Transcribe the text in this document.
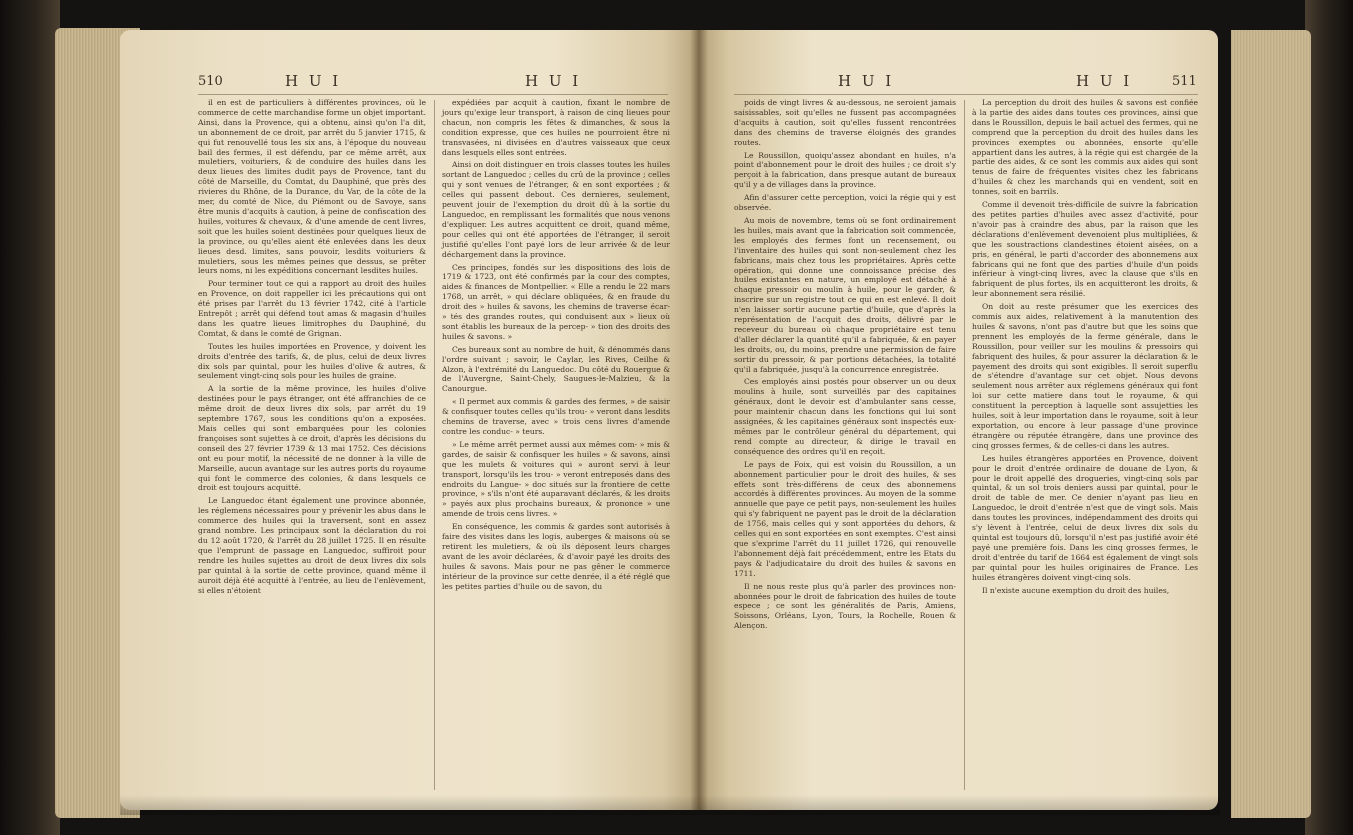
510	H U I	H U I

il en est de particuliers à différentes provinces, où le commerce de cette marchandise forme un objet important. Ainsi, dans la Provence, qui a obtenu, ainsi qu'on l'a dit, un abonnement de ce droit, par arrêt du 5 janvier 1715, & qui fut renouvellé tous les six ans, à l'époque du nouveau bail des fermes, il est défendu, par ce même arrêt, aux muletiers, voituriers, & de conduire des huiles dans les deux lieues des limites dudit pays de Provence, tant du côté de Marseille, du Comtat, du Dauphiné, que près des rivieres du Rhône, de la Durance, du Var, de la côte de la mer, du comté de Nice, du Piémont ou de Savoye, sans être munis d'acquits à caution, à peine de confiscation des huiles, voitures & chevaux, & d'une amende de cent livres, soit que les huiles soient destinées pour quelques lieux de la province, ou qu'elles aient été enlevées dans les deux lieues desd. limites, sans pouvoir, lesdits voituriers & muletiers, sous les mêmes peines que dessus, se prêter leurs noms, ni les expéditions concernant lesdites huiles.

Pour terminer tout ce qui a rapport au droit des huiles en Provence, on doit rappeller ici les précautions qui ont été prises par l'arrêt du 13 février 1742, cité à l'article Entrepôt ; arrêt qui défend tout amas & magasin d'huiles dans les quatre lieues limitrophes du Dauphiné, du Comtat, & dans le comté de Grignan.

Toutes les huiles importées en Provence, y doivent les droits d'entrée des tarifs, &, de plus, celui de deux livres dix sols par quintal, pour les huiles d'olive & autres, & seulement vingt-cinq sols pour les huiles de graine.

A la sortie de la même province, les huiles d'olive destinées pour le pays étranger, ont été affranchies de ce même droit de deux livres dix sols, par arrêt du 19 septembre 1767, sous les conditions qu'on a exposées. Mais celles qui sont embarquées pour les colonies françoises sont sujettes à ce droit, d'après les décisions du conseil des 27 février 1739 & 13 mai 1752. Ces décisions ont eu pour motif, la nécessité de ne donner à la ville de Marseille, aucun avantage sur les autres ports du royaume qui font le commerce des colonies, & dans lesquels ce droit est toujours acquitté.

Le Languedoc étant également une province abonnée, les réglemens nécessaires pour y prévenir les abus dans le commerce des huiles qui la traversent, sont en assez grand nombre. Les principaux sont la déclaration du roi du 12 août 1720, & l'arrêt du 28 juillet 1725. Il en résulte que l'emprunt de passage en Languedoc, suffiroit pour rendre les huiles sujettes au droit de deux livres dix sols par quintal à la sortie de cette province, quand même il auroit déjà été acquitté à l'entrée, au lieu de l'enlèvement, si elles n'étoient

expédiées par acquit à caution, fixant le nombre de jours qu'exige leur transport, à raison de cinq lieues pour chacun, non compris les fêtes & dimanches, & sous la condition expresse, que ces huiles ne pourroient être ni transvasées, ni divisées en d'autres vaisseaux que ceux dans lesquels elles sont entrées.

Ainsi on doit distinguer en trois classes toutes les huiles sortant de Languedoc ; celles du crû de la province ; celles qui y sont venues de l'étranger, & en sont exportées ; & celles qui passent debout. Ces dernieres, seulement, peuvent jouir de l'exemption du droit dû à la sortie du Languedoc, en remplissant les formalités que nous venons d'expliquer. Les autres acquittent ce droit, quand même, pour celles qui ont été apportées de l'étranger, il seroit justifié qu'elles l'ont payé lors de leur arrivée & de leur déchargement dans la province.

Ces principes, fondés sur les dispositions des lois de 1719 & 1723, ont été confirmés par la cour des comptes, aides & finances de Montpellier. « Elle a rendu le 22 mars 1768, un arrêt, » qui déclare obliquées, & en fraude du droit des » huiles & savons, les chemins de traverse écar- » tés des grandes routes, qui conduisent aux » lieux où sont établis les bureaux de la percep- » tion des droits des huiles & savons. »

Ces bureaux sont au nombre de huit, & dénommés dans l'ordre suivant ; savoir, le Caylar, les Rives, Ceilhe & Alzon, à l'extrémité du Languedoc. Du côté du Rouergue & de l'Auvergne, Saint-Chely, Saugues-le-Malzieu, & la Canourgue.

« Il permet aux commis & gardes des fermes, » de saisir & confisquer toutes celles qu'ils trou- » veront dans lesdits chemins de traverse, avec » trois cens livres d'amende contre les conduc- » teurs.

» Le même arrêt permet aussi aux mêmes com- » mis & gardes, de saisir & confisquer les huiles » & savons, ainsi que les mulets & voitures qui » auront servi à leur transport, lorsqu'ils les trou- » veront entreposés dans des endroits du Langue- » doc situés sur la frontiere de cette province, » s'ils n'ont été auparavant déclarés, & les droits » payés aux plus prochains bureaux, & prononce » une amende de trois cens livres. »

En conséquence, les commis & gardes sont autorisés à faire des visites dans les logis, auberges & maisons où se retirent les muletiers, & où ils déposent leurs charges avant de les avoir déclarées, & d'avoir payé les droits des huiles & savons. Mais pour ne pas gêner le commerce intérieur de la province sur cette denrée, il a été réglé que les petites parties d'huile ou de savon, du

H U I	H U I	511

poids de vingt livres & au-dessous, ne seroient jamais saisissables, soit qu'elles ne fussent pas accompagnées d'acquits à caution, soit qu'elles fussent rencontrées dans des chemins de traverse éloignés des grandes routes.

Le Roussillon, quoiqu'assez abondant en huiles, n'a point d'abonnement pour le droit des huiles ; ce droit s'y perçoit à la fabrication, dans presque autant de bureaux qu'il y a de villages dans la province.

Afin d'assurer cette perception, voici la régie qui y est observée.

Au mois de novembre, tems où se font ordinairement les huiles, mais avant que la fabrication soit commencée, les employés des fermes font un recensement, ou l'inventaire des huiles qui sont non-seulement chez les fabricans, mais chez tous les propriétaires. Après cette opération, qui donne une connoissance précise des huiles existantes en nature, un employé est détaché à chaque pressoir ou moulin à huile, pour le garder, & inscrire sur un registre tout ce qui en est enlevé. Il doit n'en laisser sortir aucune partie d'huile, que d'après la représentation de l'acquit des droits, délivré par le receveur du bureau où chaque propriétaire est tenu d'aller déclarer la quantité qu'il a fabriquée, & en payer les droits, ou, du moins, prendre une permission de faire sortir du pressoir, & par portions détachées, la totalité qu'il a fabriquée, jusqu'à la concurrence enregistrée.

Ces employés ainsi postés pour observer un ou deux moulins à huile, sont surveillés par des capitaines généraux, dont le devoir est d'ambulanter sans cesse, pour maintenir chacun dans les fonctions qui lui sont assignées, & les capitaines généraux sont inspectés eux-mêmes par le contrôleur général du département, qui rend compte au directeur, & dirige le travail en conséquence des ordres qu'il en reçoit.

Le pays de Foix, qui est voisin du Roussillon, a un abonnement particulier pour le droit des huiles, & ses effets sont très-différens de ceux des abonnemens accordés à différentes provinces. Au moyen de la somme annuelle que paye ce petit pays, non-seulement les huiles qui s'y fabriquent ne payent pas le droit de la déclaration de 1756, mais celles qui y sont apportées du dehors, & celles qui en sont exportées en sont exemptes. C'est ainsi que s'exprime l'arrêt du 11 juillet 1726, qui renouvelle l'abonnement déjà fait précédemment, entre les Etats du pays & l'adjudicataire du droit des huiles & savons en 1711.

Il ne nous reste plus qu'à parler des provinces non-abonnées pour le droit de fabrication des huiles de toute espece ; ce sont les généralités de Paris, Amiens, Soissons, Orléans, Lyon, Tours, la Rochelle, Rouen & Alençon.

La perception du droit des huiles & savons est confiée à la partie des aides dans toutes ces provinces, ainsi que dans le Roussillon, depuis le bail actuel des fermes, qui ne comprend que la perception du droit des huiles dans les provinces exemptes ou abonnées, ensorte qu'elle appartient dans les autres, à la régie qui est chargée de la partie des aides, & ce sont les commis aux aides qui sont tenus de faire de fréquentes visites chez les fabricans d'huiles & chez les marchands qui en vendent, soit en tonnes, soit en barrils.

Comme il devenoit très-difficile de suivre la fabrication des petites parties d'huiles avec assez d'activité, pour n'avoir pas à craindre des abus, par la raison que les déclarations d'enlèvement devenoient plus multipliées, & que les soustractions clandestines étoient aisées, on a pris, en général, le parti d'accorder des abonnemens aux fabricans qui ne font que des parties d'huile d'un poids inférieur à vingt-cinq livres, avec la clause que s'ils en fabriquent de plus fortes, ils en acquitteront les droits, & leur abonnement sera résilié.

On doit au reste présumer que les exercices des commis aux aides, relativement à la manutention des huiles & savons, n'ont pas d'autre but que les soins que prennent les employés de la ferme générale, dans le Roussillon, pour veiller sur les moulins & pressoirs qui fabriquent des huiles, & pour assurer la déclaration & le payement des droits qui sont exigibles. Il seroit superflu de s'étendre d'avantage sur cet objet. Nous devons seulement nous arrêter aux réglemens généraux qui font loi sur cette matiere dans tout le royaume, & qui constituent la perception à laquelle sont assujetties les huiles, soit à leur importation dans le royaume, soit à leur exportation, ou encore à leur passage d'une province étrangère ou réputée étrangère, dans une province des cinq grosses fermes, & de celles-ci dans les autres.

Les huiles étrangères apportées en Provence, doivent pour le droit d'entrée ordinaire de douane de Lyon, & pour le droit appellé des drogueries, vingt-cinq sols par quintal, & un sol trois deniers aussi par quintal, pour le droit de table de mer. Ce denier n'ayant pas lieu en Languedoc, le droit d'entrée n'est que de vingt sols. Mais dans toutes les provinces, indépendamment des droits qui s'y lèvent à l'entrée, celui de deux livres dix sols du quintal est toujours dû, lorsqu'il n'est pas justifié avoir été payé une première fois. Dans les cinq grosses fermes, le droit d'entrée du tarif de 1664 est également de vingt sols par quintal pour les huiles originaires de France. Les huiles étrangères doivent vingt-cinq sols.

Il n'existe aucune exemption du droit des huiles,
